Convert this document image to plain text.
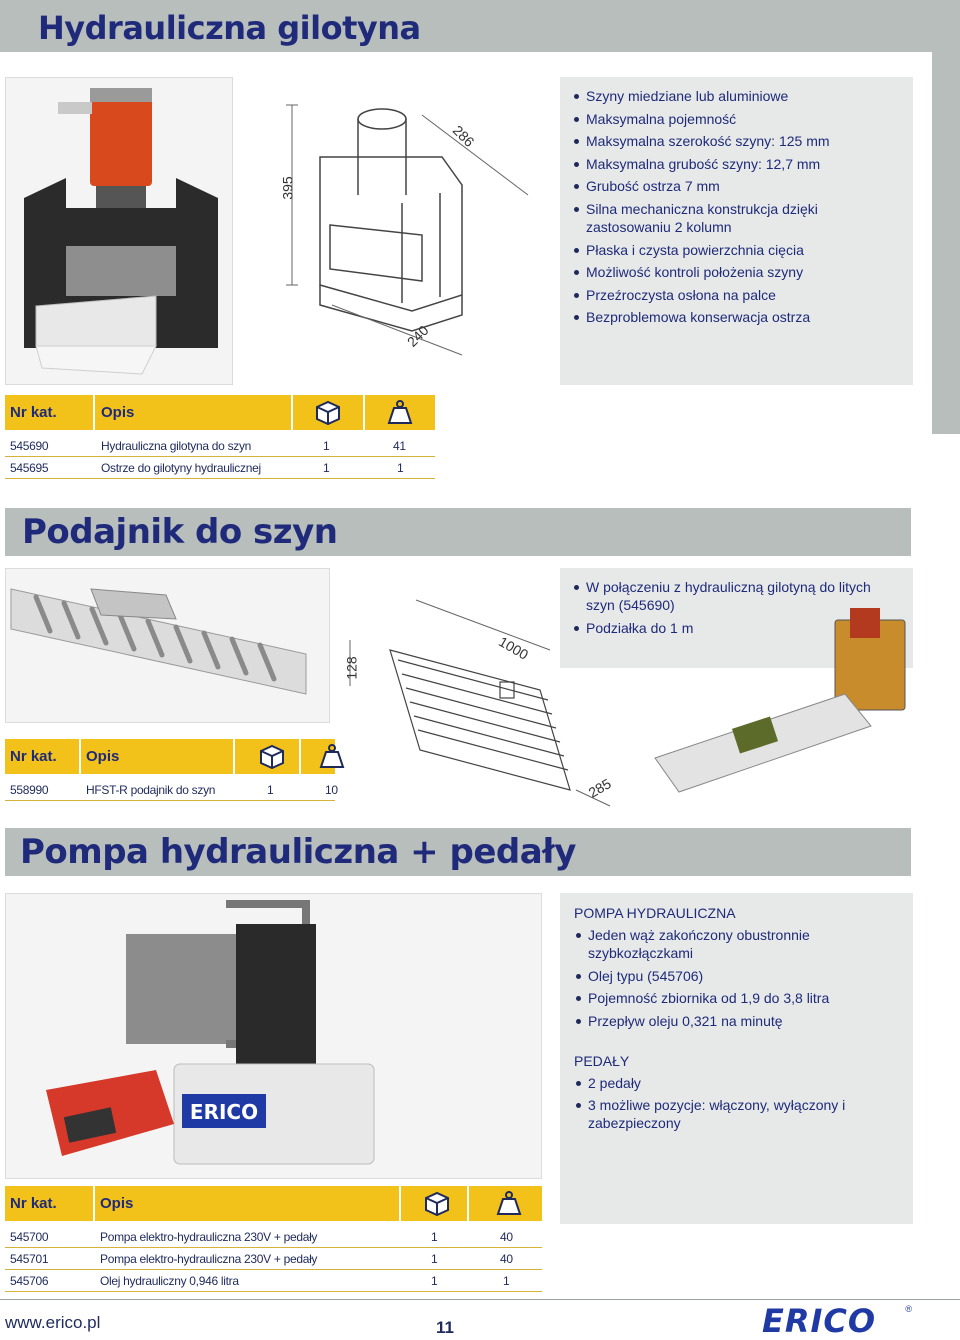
Hydrauliczna gilotyna
395
286
240
Szyny miedziane lub aluminiowe
Maksymalna pojemność
Maksymalna szerokość szyny: 125 mm
Maksymalna grubość szyny: 12,7 mm
Grubość ostrza 7 mm
Silna mechaniczna konstrukcja dzięki zastosowaniu 2 kolumn
Płaska i czysta powierzchnia cięcia
Możliwość kontroli położenia szyny
Przeźroczysta osłona na palce
Bezproblemowa konserwacja ostrza
Nr kat.	Opis
545690	Hydrauliczna gilotyna do szyn	1	41
545695	Ostrze do gilotyny hydraulicznej	1	1
Podajnik do szyn
128
1000
285
W połączeniu z hydrauliczną gilotyną do litych szyn (545690)
Podziałka do 1 m
Nr kat. Opis
558990	HFST-R podajnik do szyn	1	10
Pompa hydrauliczna + pedały
ERICO
POMPA HYDRAULICZNA
Jeden wąż zakończony obustronnie szybkozłączkami
Olej typu (545706)
Pojemność zbiornika od 1,9 do 3,8 litra
Przepływ oleju 0,321 na minutę
PEDAŁY
2 pedały
3 możliwe pozycje: włączony, wyłączony i zabezpieczony
Nr kat.	Opis
545700	Pompa elektro-hydrauliczna 230V + pedały	1	40
545701	Pompa elektro-hydrauliczna 230V + pedały	1	40
545706	Olej hydrauliczny 0,946 litra	1	1
www.erico.pl	11	ERICO	®
